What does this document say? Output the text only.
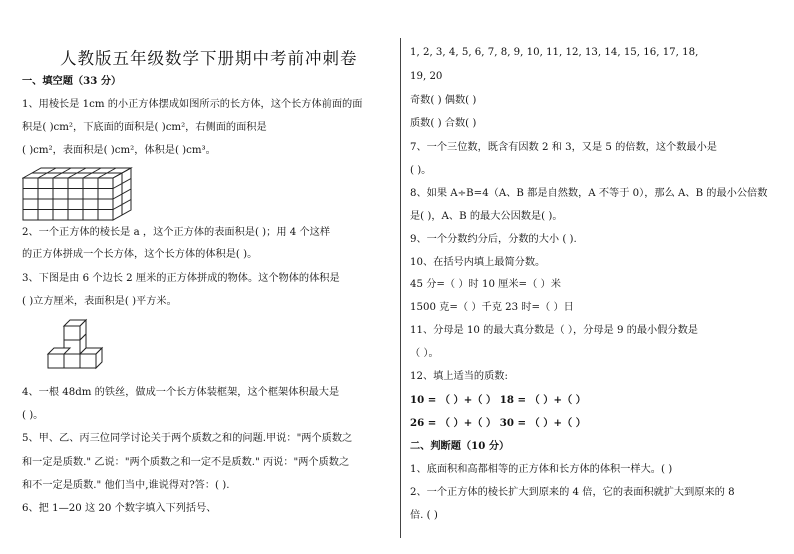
人教版五年级数学下册期中考前冲刺卷
一、填空题（33 分）
1、用棱长是 1cm 的小正方体摆成如图所示的长方体，这个长方体前面的面
积是( )cm²，下底面的面积是( )cm²，右侧面的面积是
( )cm²，表面积是( )cm²，体积是( )cm³。
2、一个正方体的棱长是 a ，这个正方体的表面积是( )；用 4 个这样
的正方体拼成一个长方体，这个长方体的体积是( )。
3、下图是由 6 个边长 2 厘米的正方体拼成的物体。这个物体的体积是
( )立方厘米，表面积是( )平方米。
4、一根 48dm 的铁丝，做成一个长方体装框架，这个框架体积最大是
( )。
5、甲、乙、丙三位同学讨论关于两个质数之和的问题.甲说："两个质数之
和一定是质数." 乙说："两个质数之和一定不是质数." 丙说："两个质数之
和不一定是质数." 他们当中,谁说得对?答：( ).
6、把 1—20 这 20 个数字填入下列括号、
1, 2, 3, 4, 5, 6, 7, 8, 9, 10, 11, 12, 13, 14, 15, 16, 17, 18,
19, 20
奇数( ) 偶数( )
质数( ) 合数( )
7、一个三位数，既含有因数 2 和 3，又是 5 的倍数，这个数最小是
( )。
8、如果 A÷B=4（A、B 都是自然数，A 不等于 0），那么 A、B 的最小公倍数
是( )，A、B 的最大公因数是( )。
9、一个分数约分后，分数的大小 ( ).
10、在括号内填上最简分数。
45 分=（ ）时 10 厘米=（ ）米
1500 克=（ ）千克 23 时=（ ）日
11、分母是 10 的最大真分数是（ ），分母是 9 的最小假分数是
（ ）。
12、填上适当的质数:
10 = （ ）+（ ） 18 = （ ）+（ ）
26 = （ ）+（ ） 30 = （ ）+（ ）
二、判断题（10 分）
1、底面积和高都相等的正方体和长方体的体积一样大。( )
2、一个正方体的棱长扩大到原来的 4 倍，它的表面积就扩大到原来的 8
倍. ( )
